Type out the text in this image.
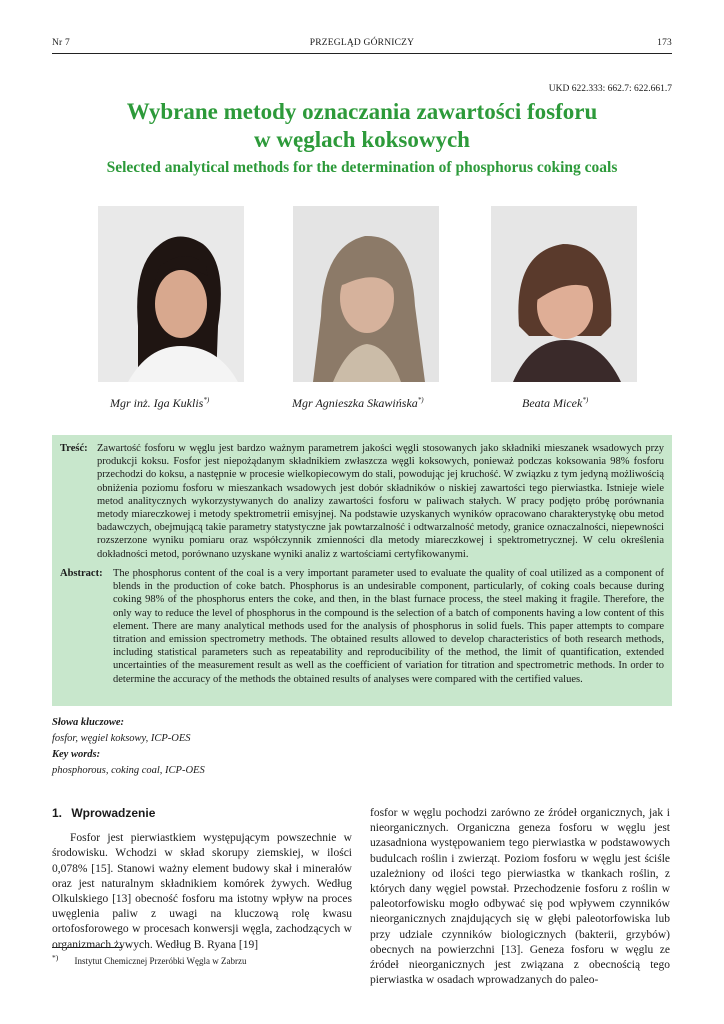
Nr 7	PRZEGLĄD GÓRNICZY	173
UKD 622.333: 662.7: 622.661.7
Wybrane metody oznaczania zawartości fosforu
w węglach koksowych
Selected analytical methods for the determination of phosphorus coking coals
Mgr inż. Iga Kuklis*)	Mgr Agnieszka Skawińska*)	Beata Micek*)
Treść: Zawartość fosforu w węglu jest bardzo ważnym parametrem jakości węgli stosowanych jako składniki mieszanek wsadowych przy produkcji koksu. Fosfor jest niepożądanym składnikiem zwłaszcza węgli koksowych, ponieważ podczas koksowania 98% fosforu przechodzi do koksu, a następnie w procesie wielkopiecowym do stali, powodując jej kruchość. W związku z tym jedyną możliwością obniżenia poziomu fosforu w mieszankach wsadowych jest dobór składników o niskiej zawartości tego pierwiastka. Istnieje wiele metod analitycznych wykorzystywanych do analizy zawartości fosforu w paliwach stałych. W pracy podjęto próbę porównania metody miareczkowej i metody spektrometrii emisyjnej. Na podstawie uzyskanych wyników opracowano charakterystykę obu metod badawczych, obejmującą takie parametry statystyczne jak powtarzalność i odtwarzalność metody, granice oznaczalności, niepewności rozszerzone wyniku pomiaru oraz współczynnik zmienności dla metody miareczkowej i spektrometrycznej. W celu określenia dokładności metod, porównano uzyskane wyniki analiz z wartościami certyfikowanymi.
Abstract: The phosphorus content of the coal is a very important parameter used to evaluate the quality of coal utilized as a component of blends in the production of coke batch. Phosphorus is an undesirable component, particularly, of coking coals because during coking 98% of the phosphorus enters the coke, and then, in the blast furnace process, the steel making it fragile. Therefore, the only way to reduce the level of phosphorus in the compound is the selection of a batch of components having a low content of this element. There are many analytical methods used for the analysis of phosphorus in solid fuels. This paper attempts to compare titration and emission spectrometry methods. The obtained results allowed to develop characteristics of both research methods, including statistical parameters such as repeatability and reproducibility of the method, the limit of quantification, extended uncertainties of the measurement result as well as the coefficient of variation for titration and spectrometric methods. In order to determine the accuracy of the methods the obtained results of analyses were compared with the certified values.
Słowa kluczowe:
fosfor, węgiel koksowy, ICP-OES
Key words:
phosphorous, coking coal, ICP-OES
1. Wprowadzenie
Fosfor jest pierwiastkiem występującym powszechnie w środowisku. Wchodzi w skład skorupy ziemskiej, w ilości 0,078% [15]. Stanowi ważny element budowy skał i minerałów oraz jest naturalnym składnikiem komórek żywych. Według Olkulskiego [13] obecność fosforu ma istotny wpływ na proces uwęglenia paliw z uwagi na kluczową rolę kwasu ortofosforowego w procesach konwersji węgla, zachodzących w organizmach żywych. Według B. Ryana [19]
fosfor w węglu pochodzi zarówno ze źródeł organicznych, jak i nieorganicznych. Organiczna geneza fosforu w węglu jest uzasadniona występowaniem tego pierwiastka w podstawowych budulcach roślin i zwierząt. Poziom fosforu w węglu jest ściśle uzależniony od ilości tego pierwiastka w tkankach roślin, z których dany węgiel powstał. Przechodzenie fosforu z roślin w paleotorfowisku mogło odbywać się pod wpływem czynników nieorganicznych znajdujących się w głębi paleotorfowiska lub przy udziale czynników biologicznych (bakterii, grzybów) obecnych na powierzchni [13]. Geneza fosforu w węglu ze źródeł nieorganicznych jest związana z obecnością tego pierwiastka w osadach wprowadzanych do paleo-
*) Instytut Chemicznej Przeróbki Węgla w Zabrzu
